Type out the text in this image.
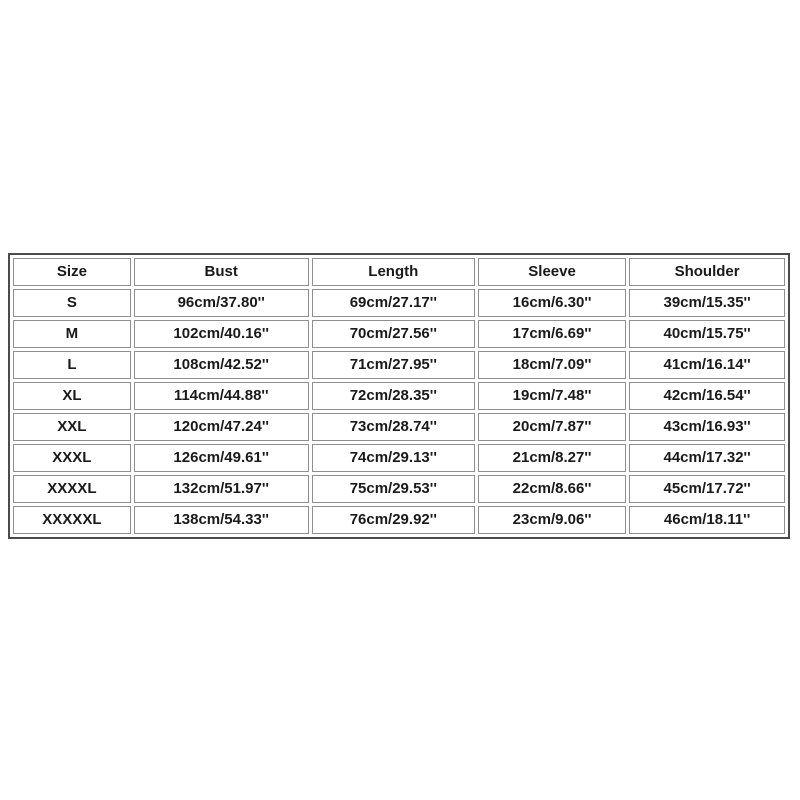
Size	Bust	Length	Sleeve	Shoulder
S	96cm/37.80''	69cm/27.17''	16cm/6.30''	39cm/15.35''
M	102cm/40.16''	70cm/27.56''	17cm/6.69''	40cm/15.75''
L	108cm/42.52''	71cm/27.95''	18cm/7.09''	41cm/16.14''
XL	114cm/44.88''	72cm/28.35''	19cm/7.48''	42cm/16.54''
XXL	120cm/47.24''	73cm/28.74''	20cm/7.87''	43cm/16.93''
XXXL	126cm/49.61''	74cm/29.13''	21cm/8.27''	44cm/17.32''
XXXXL	132cm/51.97''	75cm/29.53''	22cm/8.66''	45cm/17.72''
XXXXXL	138cm/54.33''	76cm/29.92''	23cm/9.06''	46cm/18.11''
